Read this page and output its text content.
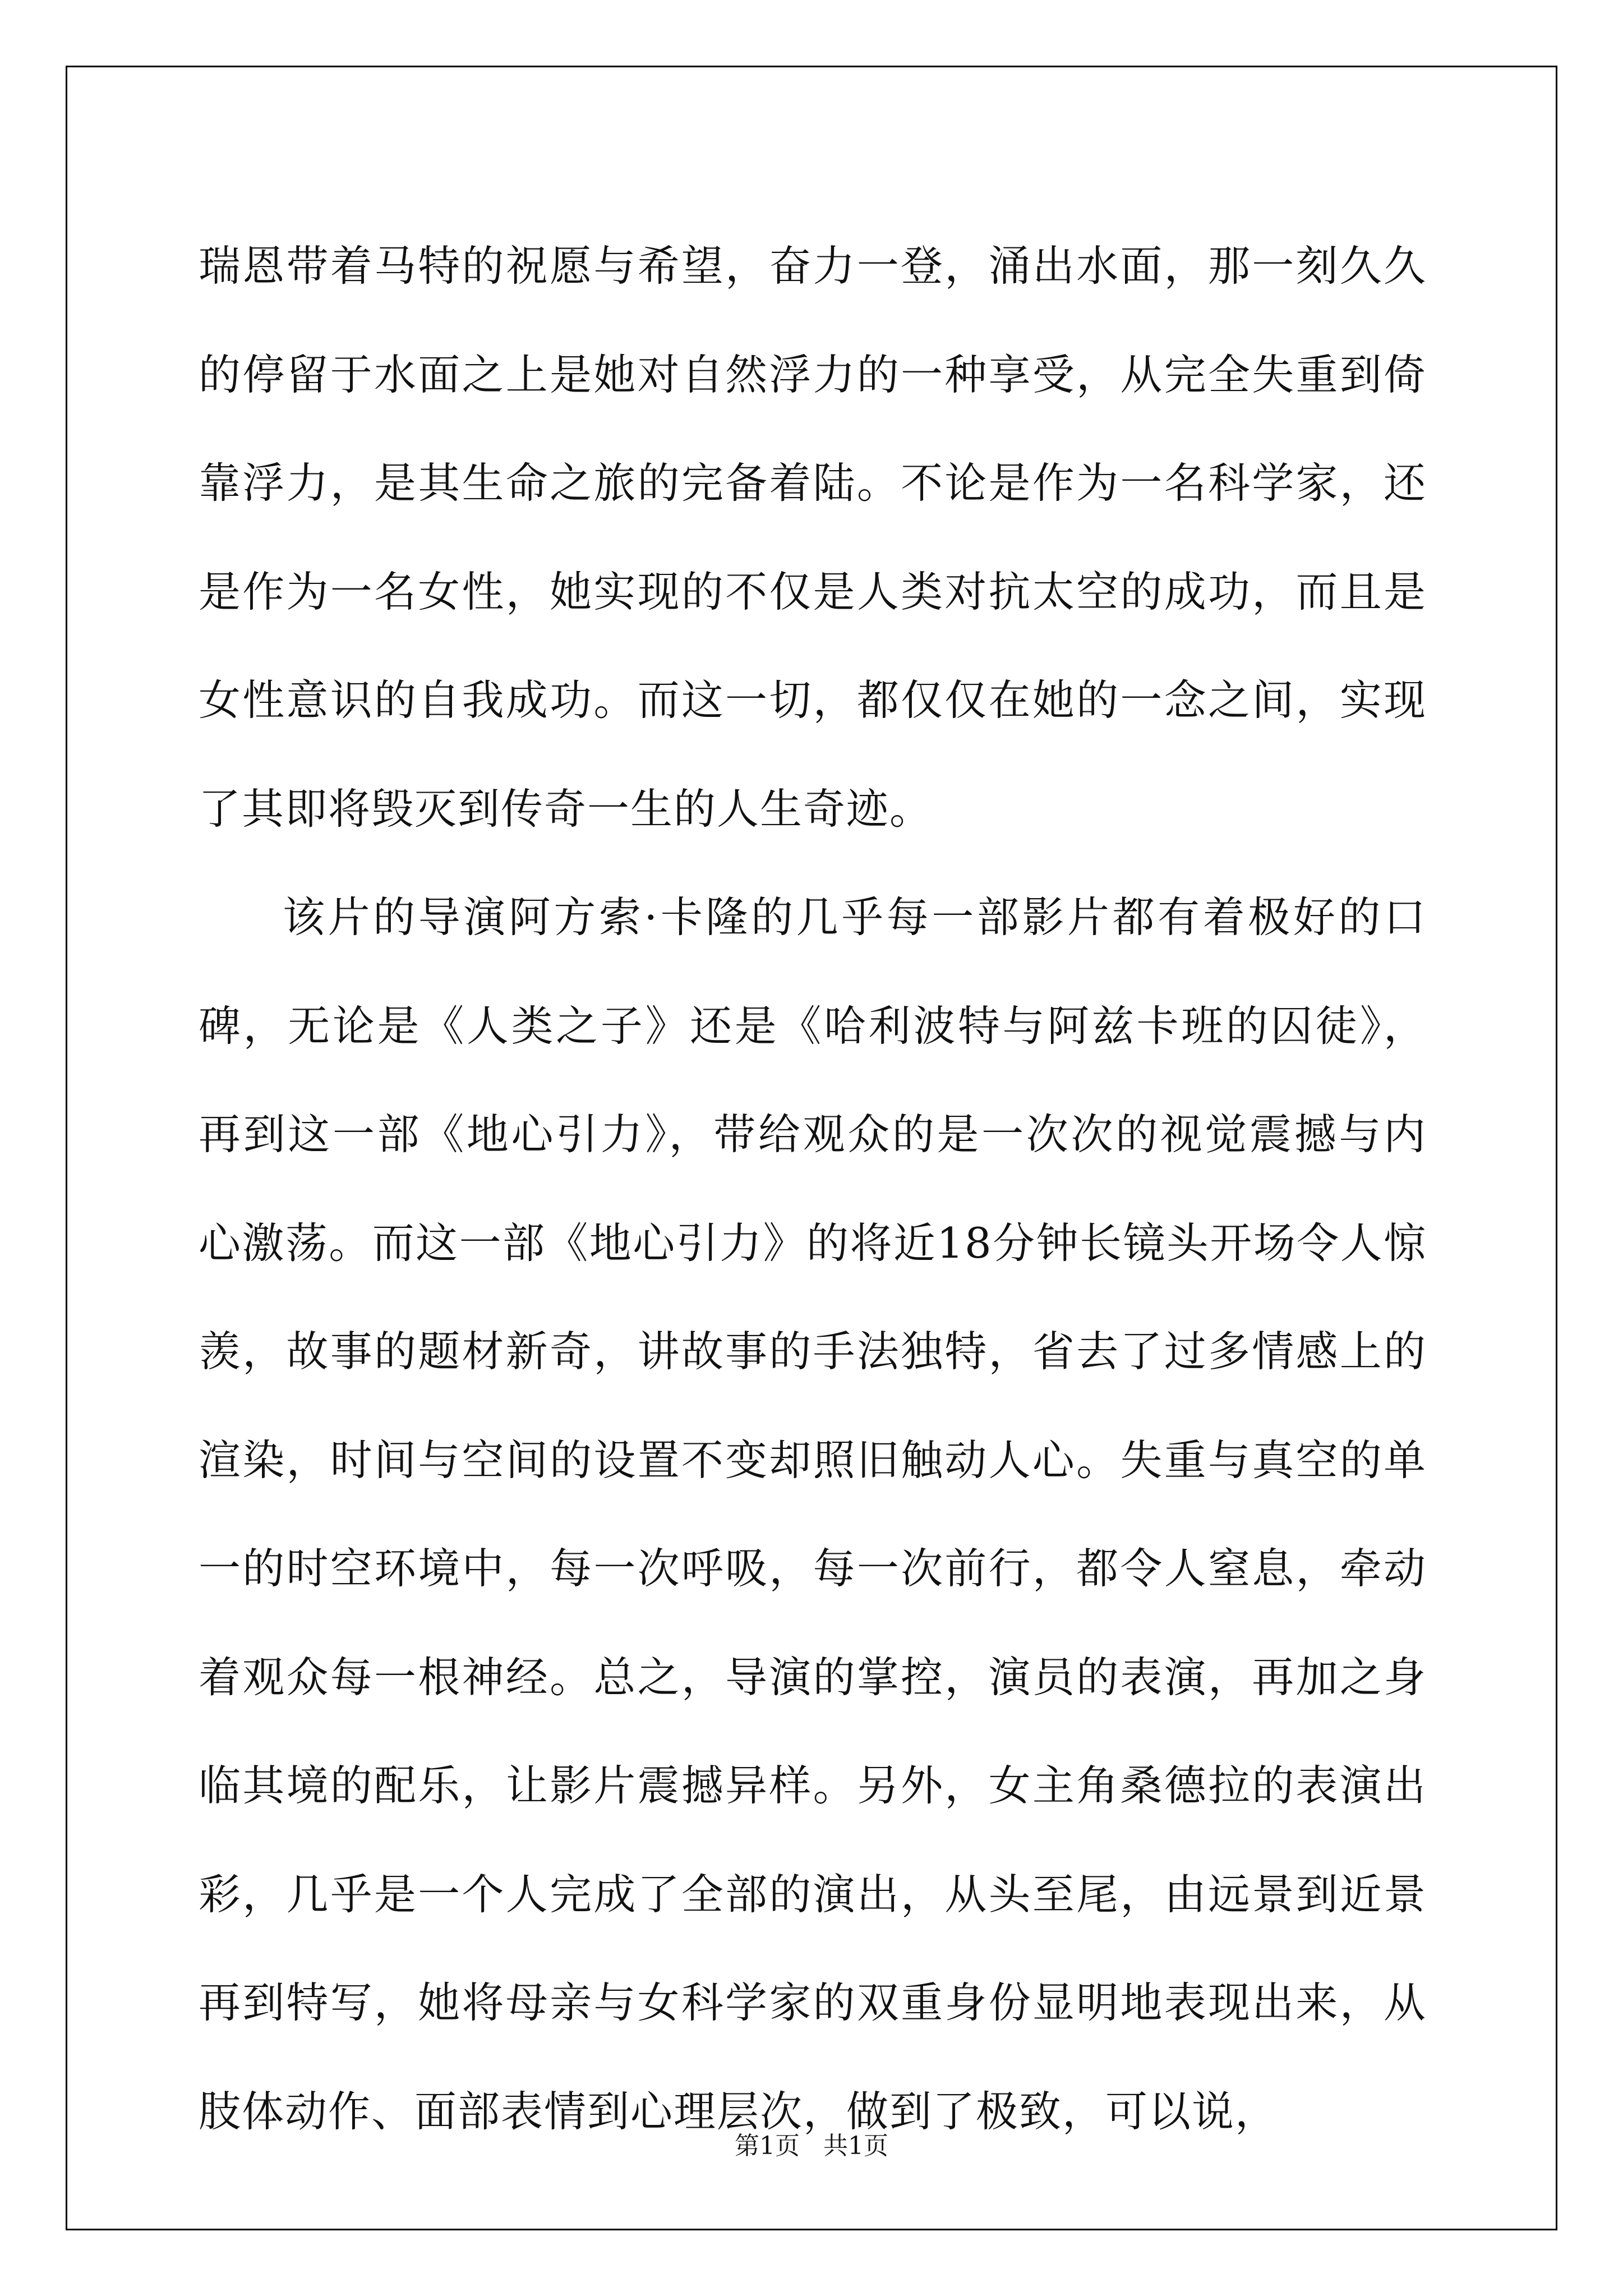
瑞恩带着马特的祝愿与希望，奋力一登，涌出水面，那一刻久久的停留于水面之上是她对自然浮力的一种享受，从完全失重到倚靠浮力，是其生命之旅的完备着陆。不论是作为一名科学家，还是作为一名女性，她实现的不仅是人类对抗太空的成功，而且是女性意识的自我成功。而这一切，都仅仅在她的一念之间，实现了其即将毁灭到传奇一生的人生奇迹。

该片的导演阿方索·卡隆的几乎每一部影片都有着极好的口碑，无论是《人类之子》还是《哈利波特与阿兹卡班的囚徒》，再到这一部《地心引力》，带给观众的是一次次的视觉震撼与内心激荡。而这一部《地心引力》的将近18分钟长镜头开场令人惊羡，故事的题材新奇，讲故事的手法独特，省去了过多情感上的渲染，时间与空间的设置不变却照旧触动人心。失重与真空的单一的时空环境中，每一次呼吸，每一次前行，都令人窒息，牵动着观众每一根神经。总之，导演的掌控，演员的表演，再加之身临其境的配乐，让影片震撼异样。另外，女主角桑德拉的表演出彩，几乎是一个人完成了全部的演出，从头至尾，由远景到近景再到特写，她将母亲与女科学家的双重身份显明地表现出来，从肢体动作、面部表情到心理层次，做到了极致，可以说，

第1页   共1页
